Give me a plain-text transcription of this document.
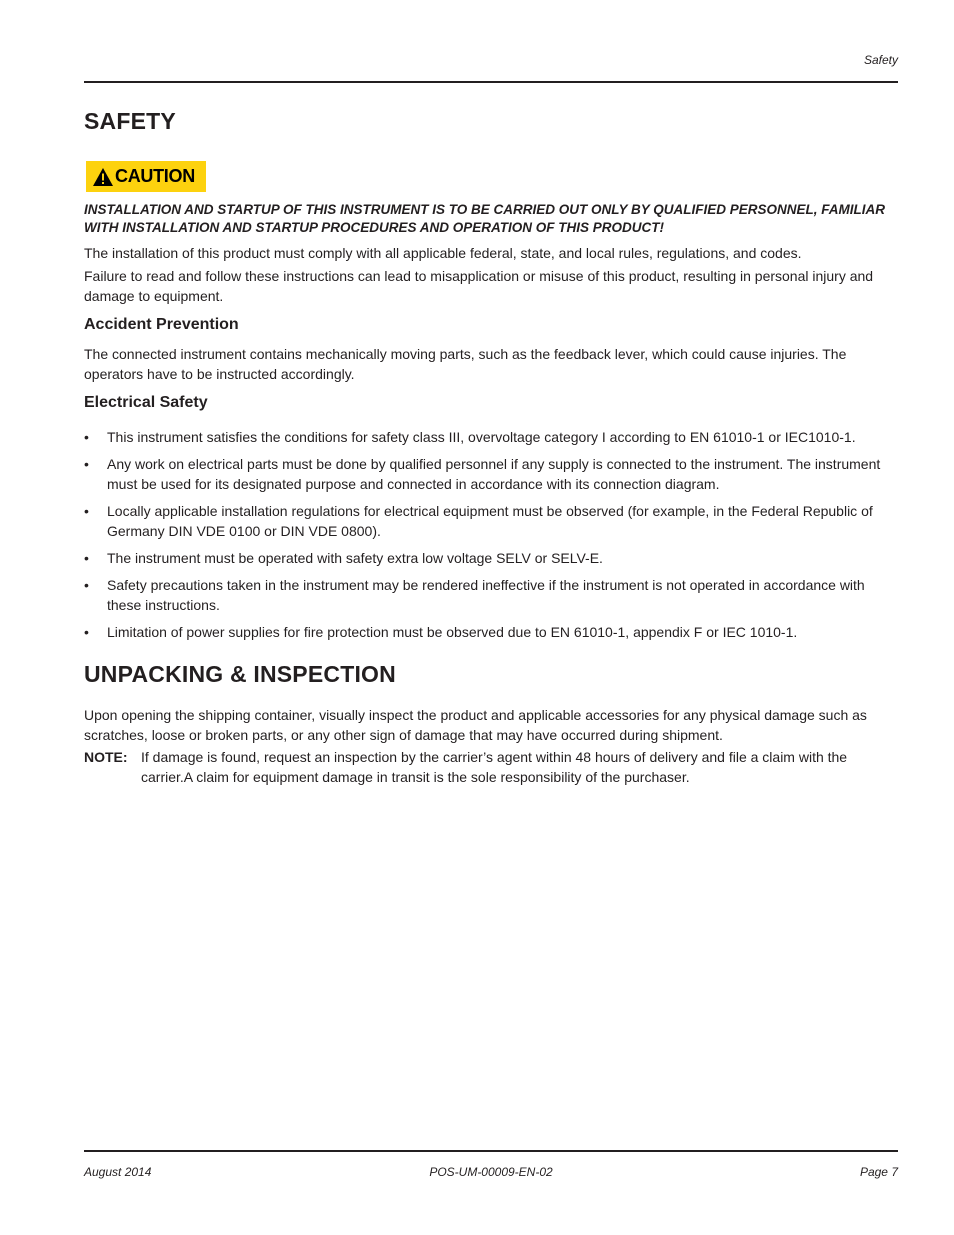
Safety
SAFETY
CAUTION
INSTALLATION AND STARTUP OF THIS INSTRUMENT IS TO BE CARRIED OUT ONLY BY QUALIFIED PERSONNEL, FAMILIAR WITH INSTALLATION AND STARTUP PROCEDURES AND OPERATION OF THIS PRODUCT!

The installation of this product must comply with all applicable federal, state, and local rules, regulations, and codes.

Failure to read and follow these instructions can lead to misapplication or misuse of this product, resulting in personal injury and damage to equipment.

Accident Prevention

The connected instrument contains mechanically moving parts, such as the feedback lever, which could cause injuries. The operators have to be instructed accordingly.

Electrical Safety
• This instrument satisfies the conditions for safety class III, overvoltage category I according to EN 61010-1 or IEC1010-1.
• Any work on electrical parts must be done by qualified personnel if any supply is connected to the instrument. The instrument must be used for its designated purpose and connected in accordance with its connection diagram.
• Locally applicable installation regulations for electrical equipment must be observed (for example, in the Federal Republic of Germany DIN VDE 0100 or DIN VDE 0800).
• The instrument must be operated with safety extra low voltage SELV or SELV-E.
• Safety precautions taken in the instrument may be rendered ineffective if the instrument is not operated in accordance with these instructions.
• Limitation of power supplies for fire protection must be observed due to EN 61010-1, appendix F or IEC 1010-1.
UNPACKING & INSPECTION

Upon opening the shipping container, visually inspect the product and applicable accessories for any physical damage such as scratches, loose or broken parts, or any other sign of damage that may have occurred during shipment.

NOTE: If damage is found, request an inspection by the carrier’s agent within 48 hours of delivery and file a claim with the carrier.A claim for equipment damage in transit is the sole responsibility of the purchaser.
August 2014	POS-UM-00009-EN-02	Page 7
